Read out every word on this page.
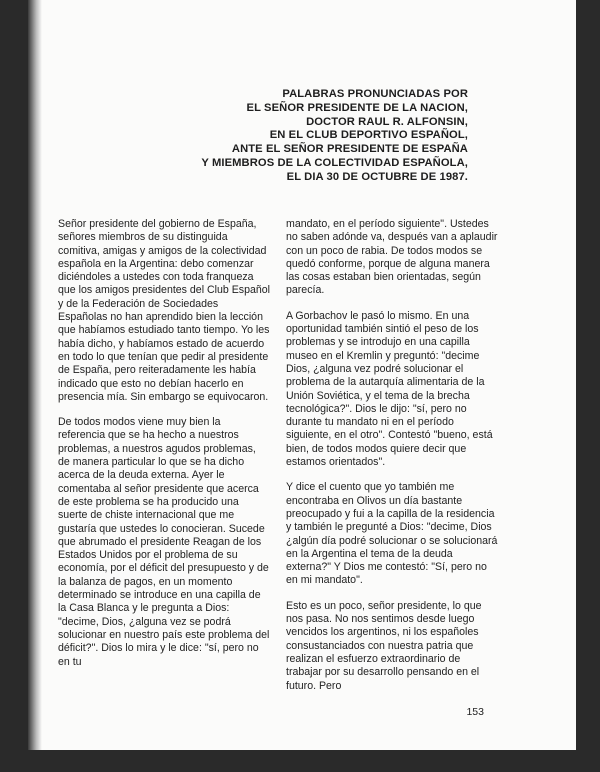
PALABRAS PRONUNCIADAS POR
EL SEÑOR PRESIDENTE DE LA NACION,
DOCTOR RAUL R. ALFONSIN,
EN EL CLUB DEPORTIVO ESPAÑOL,
ANTE EL SEÑOR PRESIDENTE DE ESPAÑA
Y MIEMBROS DE LA COLECTIVIDAD ESPAÑOLA,
EL DIA 30 DE OCTUBRE DE 1987.

Señor presidente del gobierno de España, señores miembros de su distinguida comitiva, amigas y amigos de la colectividad española en la Argentina: debo comenzar diciéndoles a ustedes con toda franqueza que los amigos presidentes del Club Español y de la Federación de Sociedades Españolas no han aprendido bien la lección que habíamos estudiado tanto tiempo. Yo les había dicho, y habíamos estado de acuerdo en todo lo que tenían que pedir al presidente de España, pero reiteradamente les había indicado que esto no debían hacerlo en presencia mía. Sin embargo se equivocaron.

De todos modos viene muy bien la referencia que se ha hecho a nuestros problemas, a nuestros agudos problemas, de manera particular lo que se ha dicho acerca de la deuda externa. Ayer le comentaba al señor presidente que acerca de este problema se ha producido una suerte de chiste internacional que me gustaría que ustedes lo conocieran. Sucede que abrumado el presidente Reagan de los Estados Unidos por el problema de su economía, por el déficit del presupuesto y de la balanza de pagos, en un momento determinado se introduce en una capilla de la Casa Blanca y le pregunta a Dios: "decime, Dios, ¿alguna vez se podrá solucionar en nuestro país este problema del déficit?". Dios lo mira y le dice: "sí, pero no en tu

mandato, en el período siguiente". Ustedes no saben adónde va, después van a aplaudir con un poco de rabia. De todos modos se quedó conforme, porque de alguna manera las cosas estaban bien orientadas, según parecía.

A Gorbachov le pasó lo mismo. En una oportunidad también sintió el peso de los problemas y se introdujo en una capilla museo en el Kremlin y preguntó: "decime Dios, ¿alguna vez podré solucionar el problema de la autarquía alimentaria de la Unión Soviética, y el tema de la brecha tecnológica?". Dios le dijo: "sí, pero no durante tu mandato ni en el período siguiente, en el otro". Contestó "bueno, está bien, de todos modos quiere decir que estamos orientados".

Y dice el cuento que yo también me encontraba en Olivos un día bastante preocupado y fui a la capilla de la residencia y también le pregunté a Dios: "decime, Dios ¿algún día podré solucionar o se solucionará en la Argentina el tema de la deuda externa?" Y Dios me contestó: "Sí, pero no en mi mandato".

Esto es un poco, señor presidente, lo que nos pasa. No nos sentimos desde luego vencidos los argentinos, ni los españoles consustanciados con nuestra patria que realizan el esfuerzo extraordinario de trabajar por su desarrollo pensando en el futuro. Pero

153
